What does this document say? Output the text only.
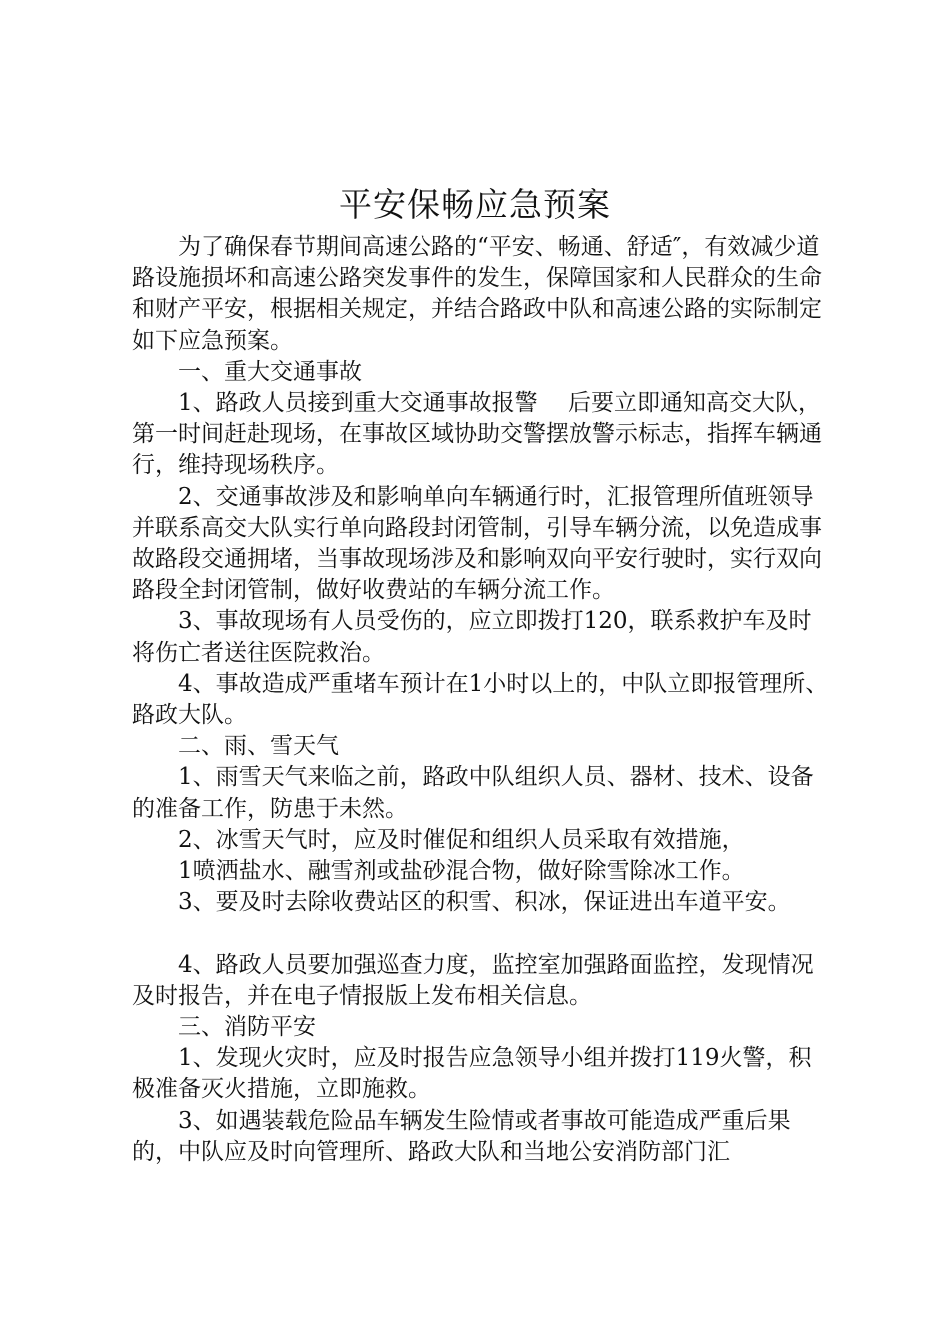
平安保畅应急预案

为了确保春节期间高速公路的“平安、畅通、舒适″，有效减少道路设施损坏和高速公路突发事件的发生，保障国家和人民群众的生命和财产平安，根据相关规定，并结合路政中队和高速公路的实际制定如下应急预案。

一、重大交通事故

1、路政人员接到重大交通事故报警　 后要立即通知高交大队，第一时间赶赴现场，在事故区域协助交警摆放警示标志，指挥车辆通行，维持现场秩序。

2、交通事故涉及和影响单向车辆通行时，汇报管理所值班领导并联系高交大队实行单向路段封闭管制，引导车辆分流，以免造成事故路段交通拥堵，当事故现场涉及和影响双向平安行驶时，实行双向路段全封闭管制，做好收费站的车辆分流工作。

3、事故现场有人员受伤的，应立即拨打120，联系救护车及时将伤亡者送往医院救治。

4、事故造成严重堵车预计在1小时以上的，中队立即报管理所、路政大队。

二、雨、雪天气

1、雨雪天气来临之前，路政中队组织人员、器材、技术、设备的准备工作，防患于未然。

2、冰雪天气时，应及时催促和组织人员采取有效措施，

1喷洒盐水、融雪剂或盐砂混合物，做好除雪除冰工作。

3、要及时去除收费站区的积雪、积冰，保证进出车道平安。

4、路政人员要加强巡查力度，监控室加强路面监控，发现情况及时报告，并在电子情报版上发布相关信息。

三、消防平安

1、发现火灾时，应及时报告应急领导小组并拨打119火警，积极准备灭火措施，立即施救。

3、如遇装载危险品车辆发生险情或者事故可能造成严重后果的，中队应及时向管理所、路政大队和当地公安消防部门汇
